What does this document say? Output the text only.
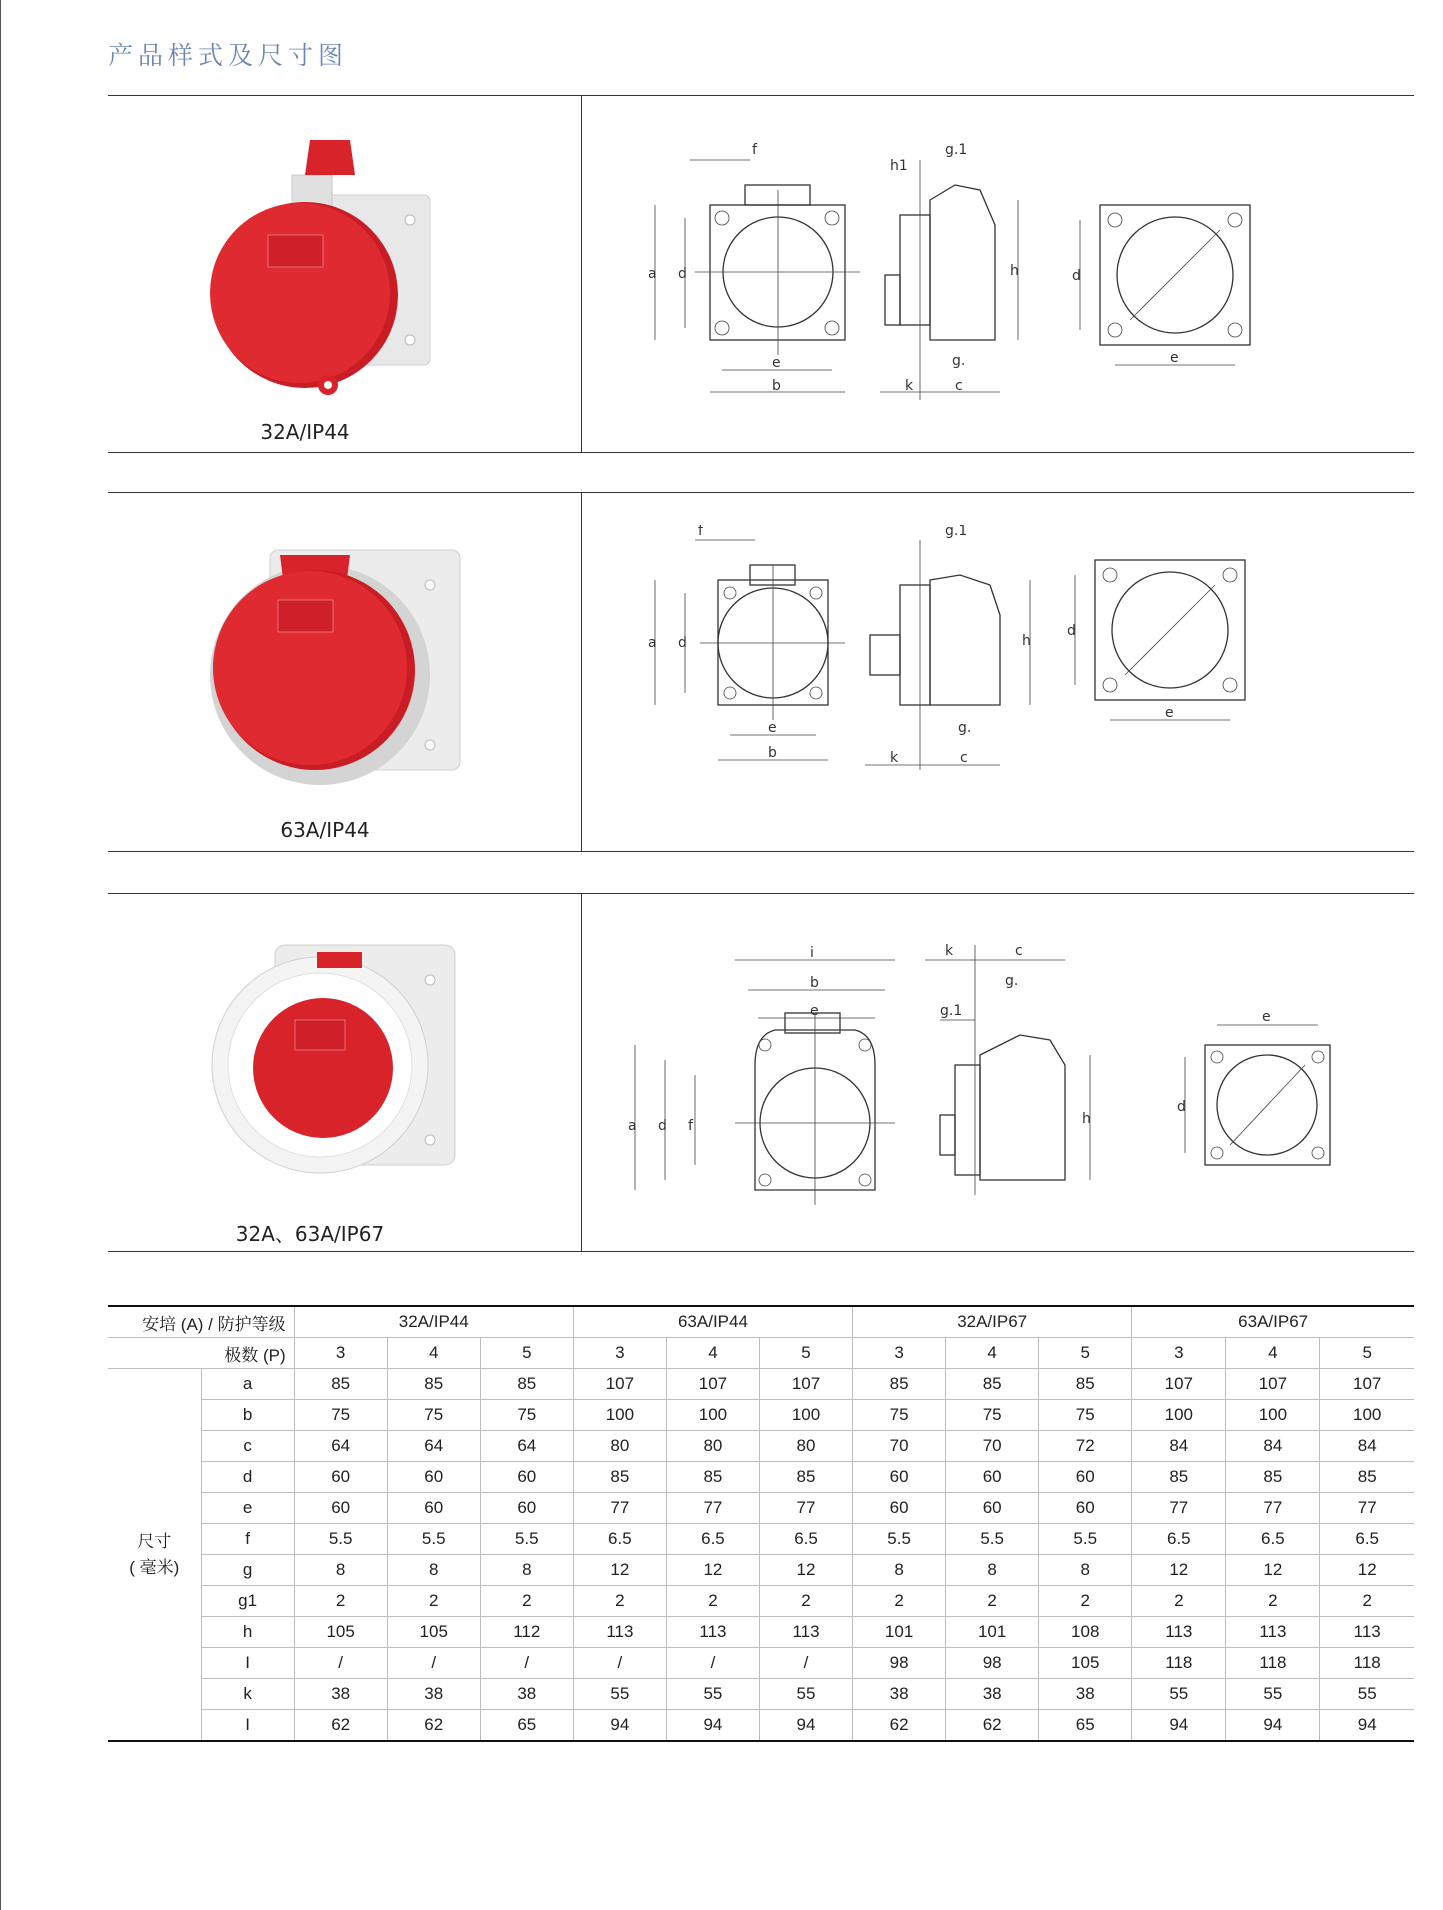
产品样式及尺寸图
32A/IP44
63A/IP44
32A、63A/IP67
a d
e
b
f
k	c
g.
g.1
h
h1
d
e
a d
e
b
f
k	c
g.
g.1
h
d
e
a d f
i
b
e
k	c
g.
g.1
h
d
e
安培 (A) / 防护等级		32A/IP44			63A/IP44			32A/IP67			63A/IP67		
极数 (P)		3	4	5	3	4	5	3	4	5	3	4	5

尺寸
( 毫米)	a	85	85	85	107	107	107	85	85	85	107	107	107
	b	75	75	75	100	100	100	75	75	75	100	100	100
	c	64	64	64	80	80	80	70	70	72	84	84	84
	d	60	60	60	85	85	85	60	60	60	85	85	85
	e	60	60	60	77	77	77	60	60	60	77	77	77
	f	5.5	5.5	5.5	6.5	6.5	6.5	5.5	5.5	5.5	6.5	6.5	6.5
	g	8	8	8	12	12	12	8	8	8	12	12	12
	g1	2	2	2	2	2	2	2	2	2	2	2	2
	h	105	105	112	113	113	113	101	101	108	113	113	113
	I	/	/	/	/	/	/	98	98	105	118	118	118
	k	38	38	38	55	55	55	38	38	38	55	55	55
	I	62	62	65	94	94	94	62	62	65	94	94	94
